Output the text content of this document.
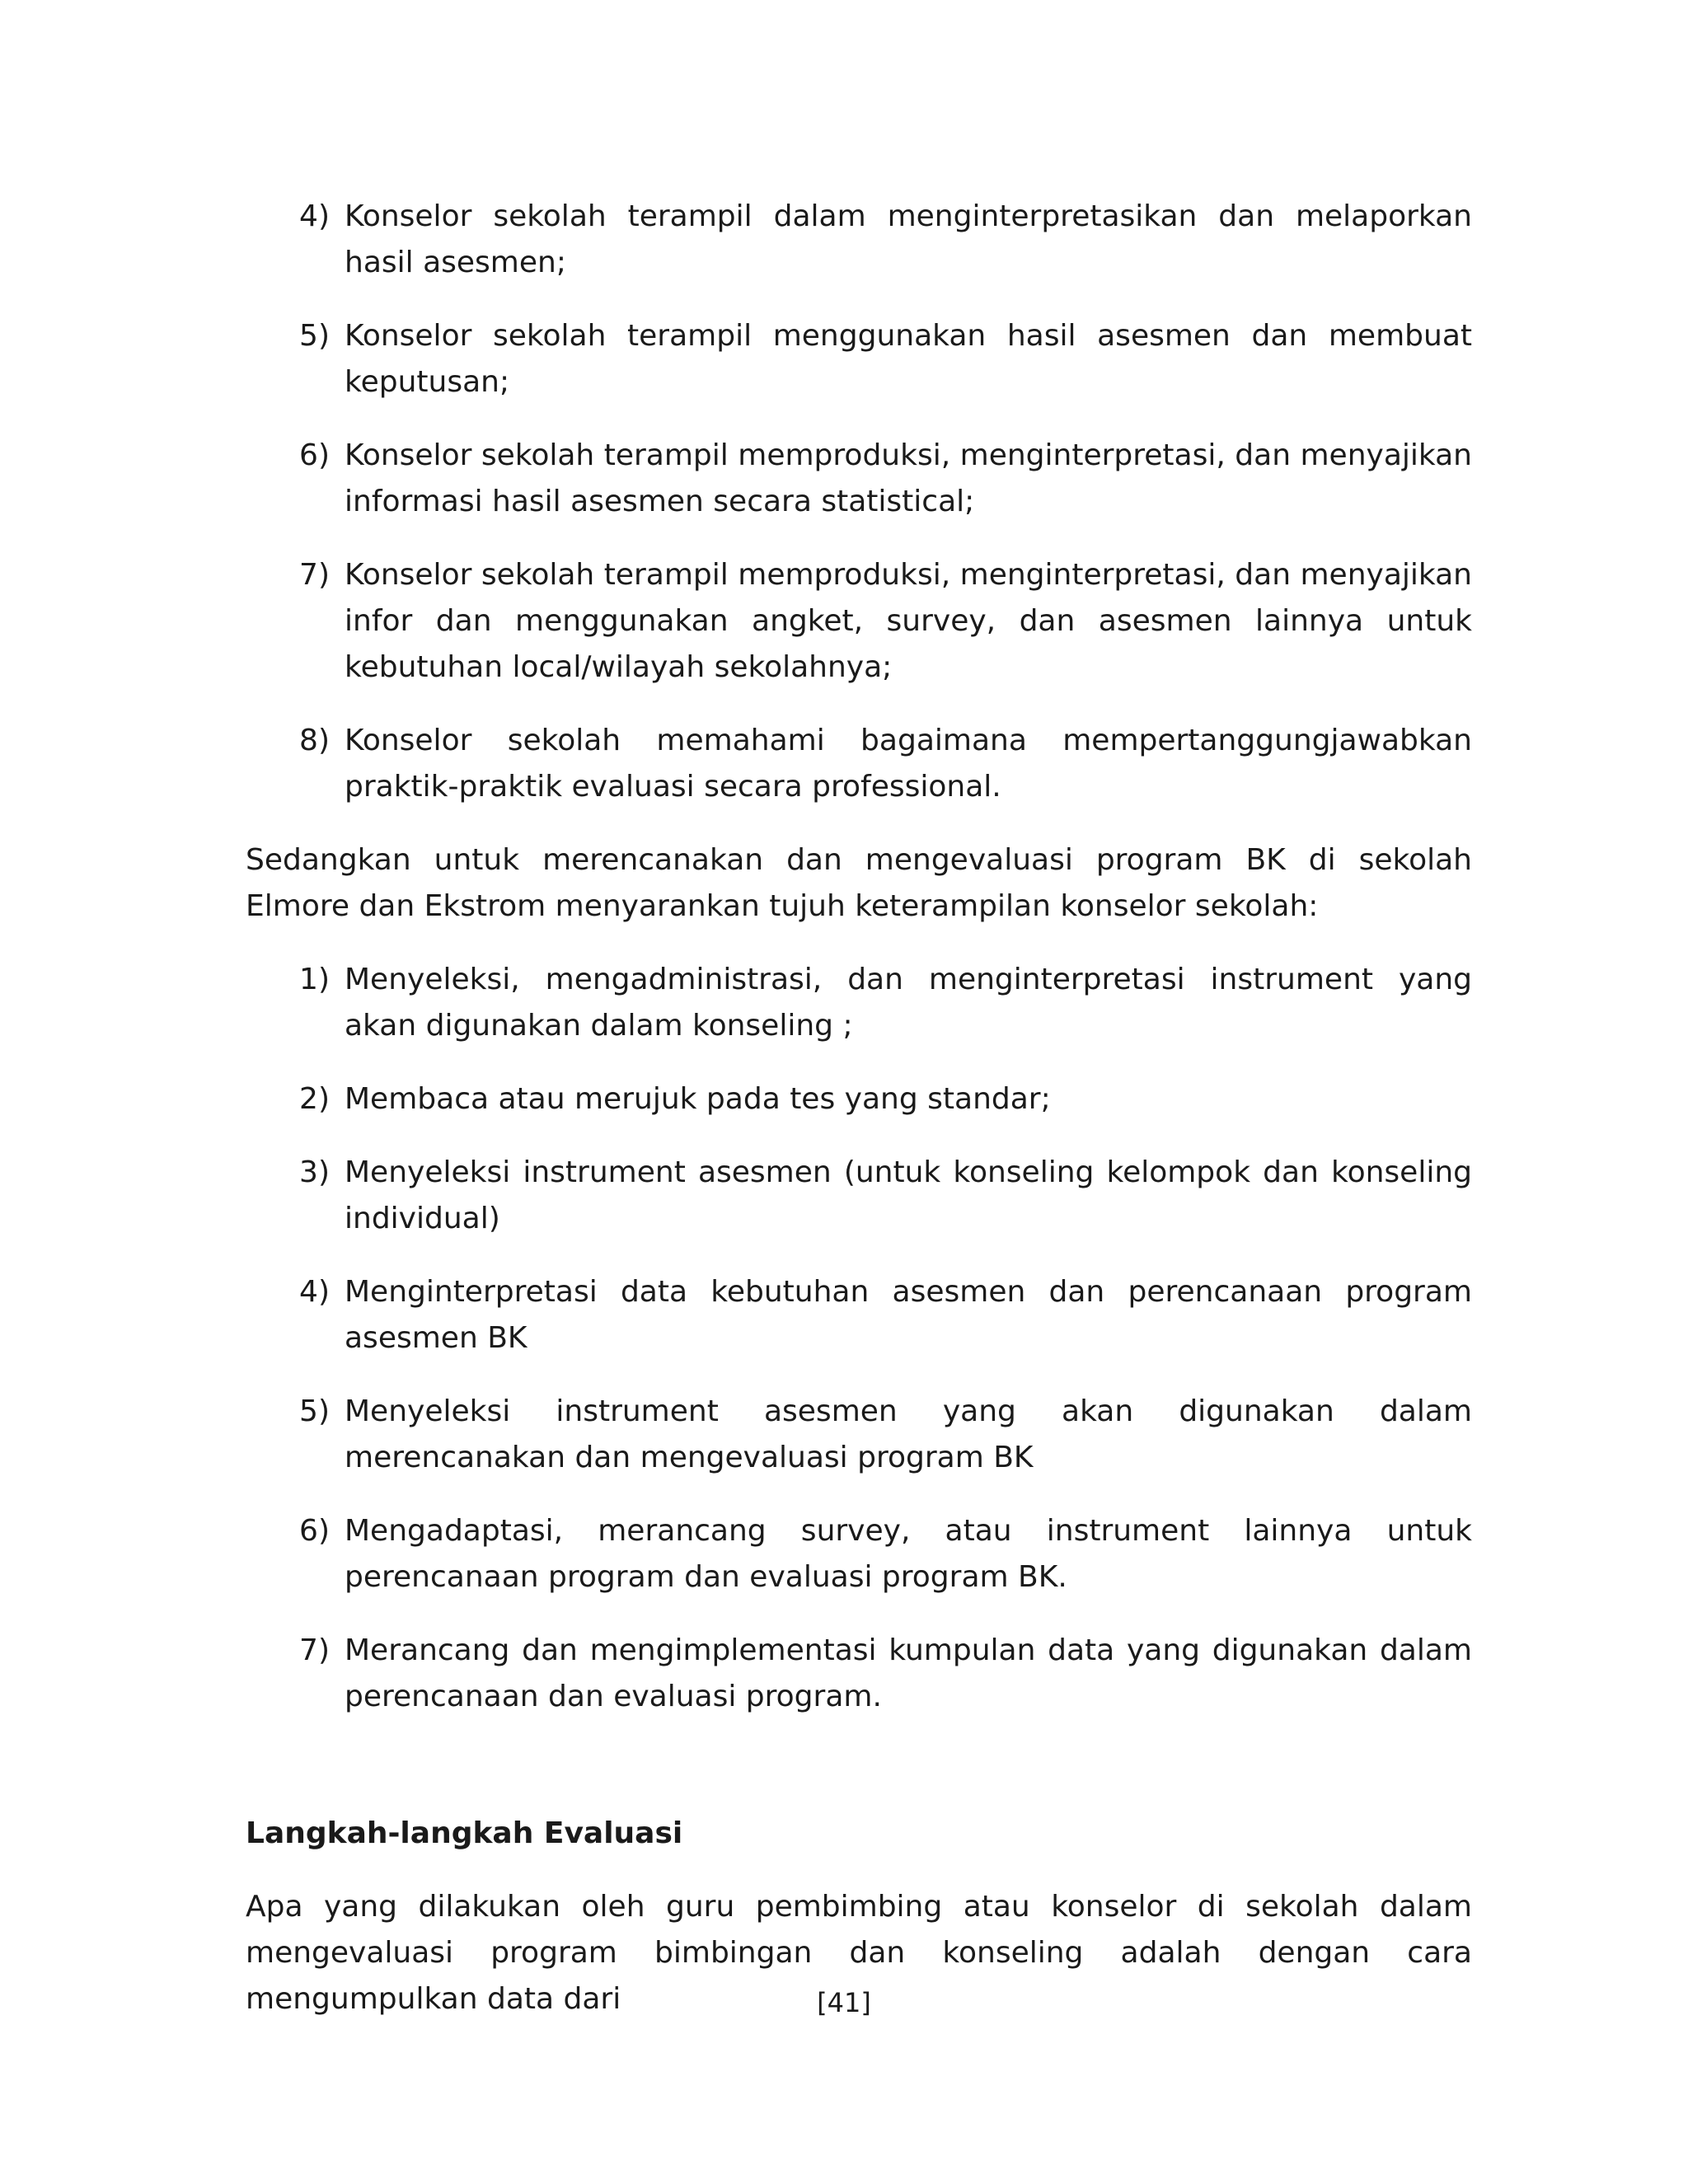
4) Konselor sekolah terampil dalam menginterpretasikan dan melaporkan hasil asesmen;
5) Konselor sekolah terampil menggunakan hasil asesmen dan membuat keputusan;
6) Konselor sekolah terampil memproduksi, menginterpretasi, dan menyajikan informasi hasil asesmen secara statistical;
7) Konselor sekolah terampil memproduksi, menginterpretasi, dan menyajikan infor dan menggunakan angket, survey, dan asesmen lainnya untuk kebutuhan local/wilayah sekolahnya;
8) Konselor sekolah memahami bagaimana mempertanggungjawabkan praktik-praktik evaluasi secara professional.

Sedangkan untuk merencanakan dan mengevaluasi program BK di sekolah Elmore dan Ekstrom menyarankan tujuh keterampilan konselor sekolah:

1) Menyeleksi, mengadministrasi, dan menginterpretasi instrument yang akan digunakan dalam konseling ;
2) Membaca atau merujuk pada tes yang standar;
3) Menyeleksi instrument asesmen (untuk konseling kelompok dan konseling individual)
4) Menginterpretasi data kebutuhan asesmen dan perencanaan program asesmen BK
5) Menyeleksi instrument asesmen yang akan digunakan dalam merencanakan dan mengevaluasi program BK
6) Mengadaptasi, merancang survey, atau instrument lainnya untuk perencanaan program dan evaluasi program BK.
7) Merancang dan mengimplementasi kumpulan data yang digunakan dalam perencanaan dan evaluasi program.
Langkah-langkah Evaluasi

Apa yang dilakukan oleh guru pembimbing atau konselor di sekolah dalam mengevaluasi program bimbingan dan konseling adalah dengan cara mengumpulkan data dari	[41]
